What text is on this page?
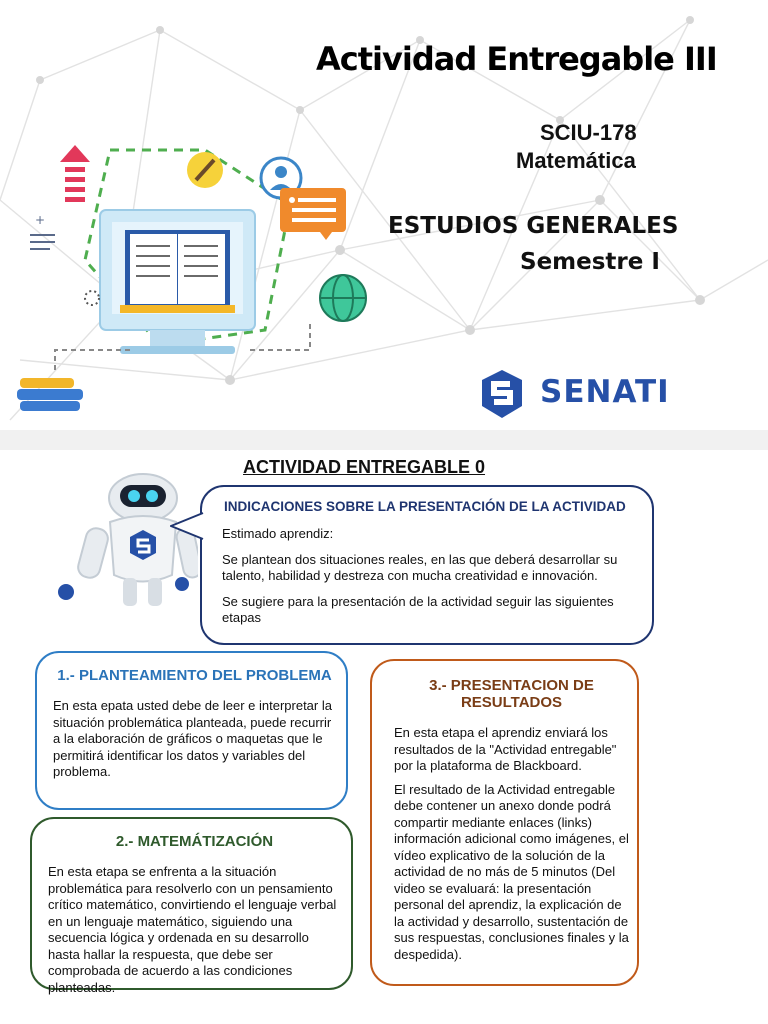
+
Actividad Entregable III
SCIU-178
Matemática
ESTUDIOS GENERALES
Semestre I
SENATI
ACTIVIDAD ENTREGABLE 0
INDICACIONES SOBRE LA PRESENTACIÓN DE LA ACTIVIDAD

Estimado aprendiz:

Se plantean dos situaciones reales, en las que deberá desarrollar su talento, habilidad y destreza con mucha creatividad e innovación.

Se sugiere para la presentación de la actividad seguir las siguientes etapas

1.- PLANTEAMIENTO DEL PROBLEMA

En esta epata usted debe de leer e interpretar la situación problemática planteada, puede recurrir a la elaboración de gráficos o maquetas que le permitirá identificar los datos y variables del problema.

2.- MATEMÁTIZACIÓN

En esta etapa se enfrenta a la situación problemática para resolverlo con un pensamiento crítico matemático, convirtiendo el lenguaje verbal en un lenguaje matemático, siguiendo una secuencia lógica y ordenada en su desarrollo hasta hallar la respuesta, que debe ser comprobada de acuerdo a las condiciones planteadas.

3.- PRESENTACION DE RESULTADOS

En esta etapa el aprendiz enviará los resultados de la "Actividad entregable" por la plataforma de Blackboard.

El resultado de la Actividad entregable debe contener un anexo donde podrá compartir mediante enlaces (links) información adicional como imágenes, el vídeo explicativo de la solución de la actividad de no más de 5 minutos (Del video se evaluará: la presentación personal del aprendiz, la explicación de la actividad y desarrollo, sustentación de sus respuestas, conclusiones finales y la despedida).
